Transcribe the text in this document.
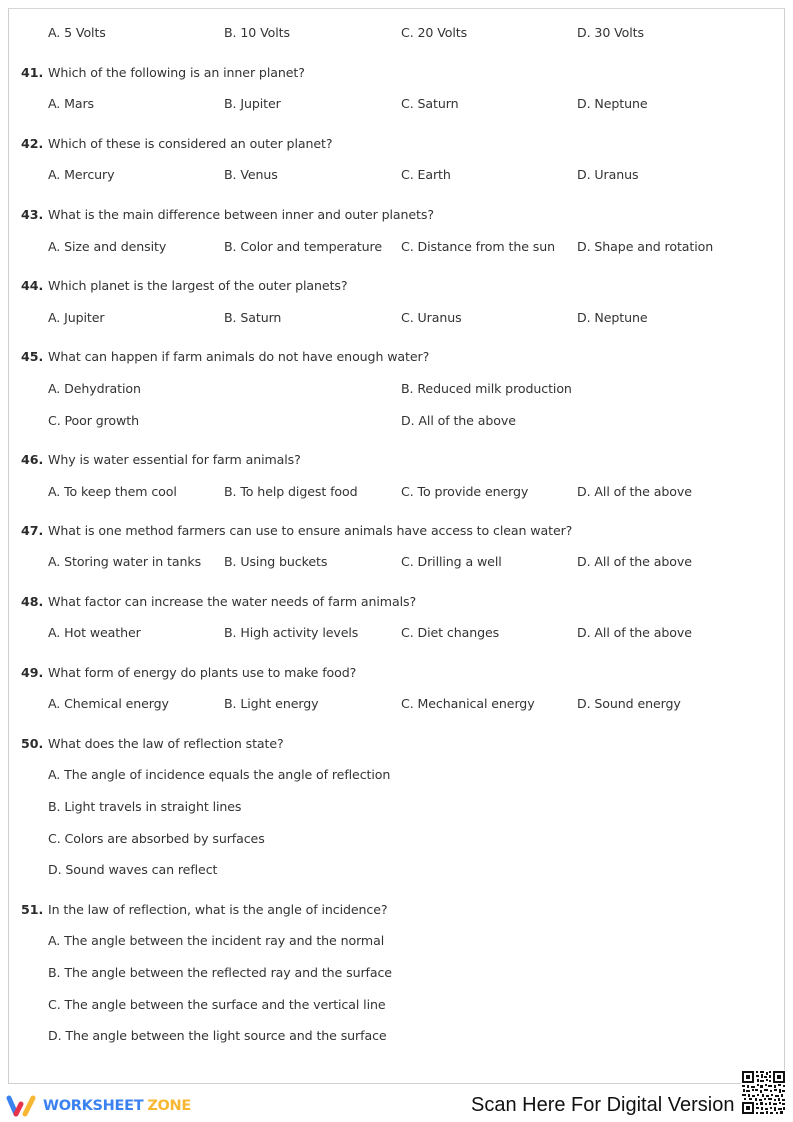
A. 5 Volts	B. 10 Volts	C. 20 Volts	D. 30 Volts
41. Which of the following is an inner planet?
A. Mars	B. Jupiter	C. Saturn	D. Neptune
42. Which of these is considered an outer planet?
A. Mercury	B. Venus	C. Earth	D. Uranus
43. What is the main difference between inner and outer planets?
A. Size and density	B. Color and temperature C. Distance from the sun D. Shape and rotation
44. Which planet is the largest of the outer planets?
A. Jupiter	B. Saturn	C. Uranus	D. Neptune
45. What can happen if farm animals do not have enough water?
A. Dehydration	B. Reduced milk production
C. Poor growth	D. All of the above
46. Why is water essential for farm animals?
A. To keep them cool	B. To help digest food	C. To provide energy	D. All of the above
47. What is one method farmers can use to ensure animals have access to clean water?
A. Storing water in tanks B. Using buckets	C. Drilling a well	D. All of the above
48. What factor can increase the water needs of farm animals?
A. Hot weather	B. High activity levels	C. Diet changes	D. All of the above
49. What form of energy do plants use to make food?
A. Chemical energy	B. Light energy	C. Mechanical energy	D. Sound energy
50. What does the law of reflection state?
A. The angle of incidence equals the angle of reflection
B. Light travels in straight lines
C. Colors are absorbed by surfaces
D. Sound waves can reflect
51. In the law of reflection, what is the angle of incidence?
A. The angle between the incident ray and the normal
B. The angle between the reflected ray and the surface
C. The angle between the surface and the vertical line
D. The angle between the light source and the surface
WORKSHEET ZONE	Scan Here For Digital Version
